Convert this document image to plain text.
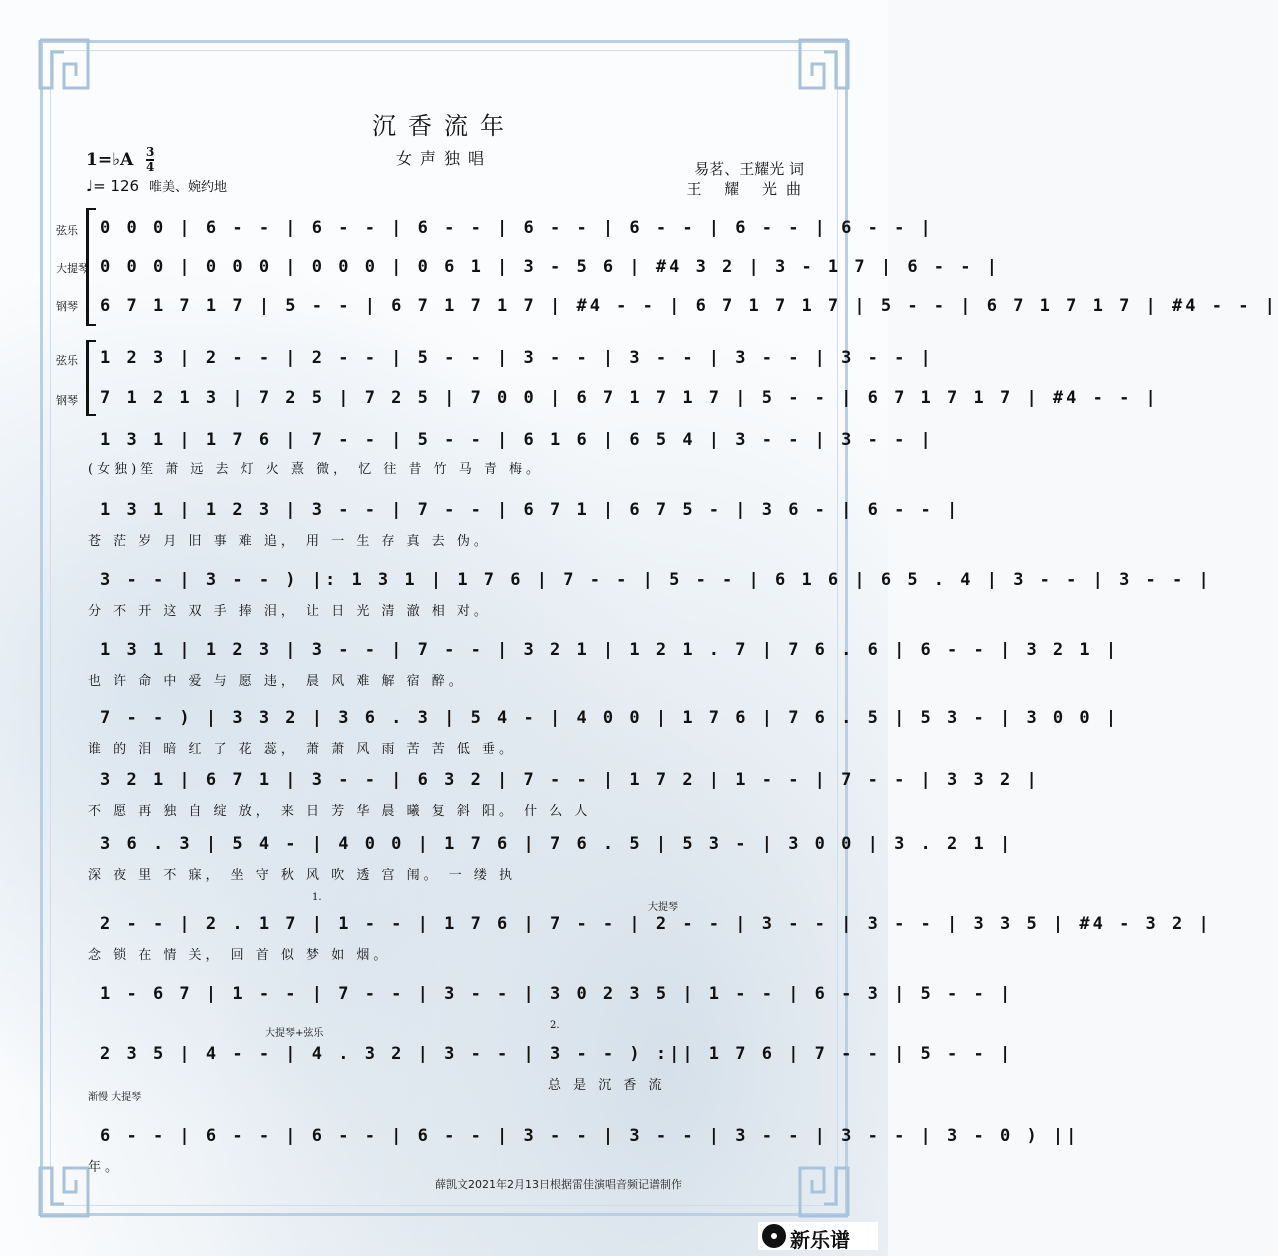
沉香流年
女声独唱
1=♭A 3
4
♩= 126 唯美、婉约地
易茗、王耀光 词
王 耀 光曲
弦乐
大提琴
钢琴
0 0 0 | 6 - - | 6 - - | 6 - - | 6 - - | 6 - - | 6 - - | 6 - - |
0 0 0 | 0 0 0 | 0 0 0 | 0 6 1 | 3 - 5 6 | #4 3 2 | 3 - 1 7 | 6 - - |
6 7 1 7 1 7 | 5 - - | 6 7 1 7 1 7 | #4 - - | 6 7 1 7 1 7 | 5 - - | 6 7 1 7 1 7 | #4 - - |
弦乐
钢琴
1 2 3 | 2 - - | 2 - - | 5 - - | 3 - - | 3 - - | 3 - - | 3 - - |
7 1 2 1 3 | 7 2 5 | 7 2 5 | 7 0 0 | 6 7 1 7 1 7 | 5 - - | 6 7 1 7 1 7 | #4 - - |
1 3 1 | 1 7 6 | 7 - - | 5 - - | 6 1 6 | 6 5 4 | 3 - - | 3 - - |
(女独)笙 萧 远 去 灯 火 熹 微， 忆 往 昔 竹 马 青 梅。
1 3 1 | 1 2 3 | 3 - - | 7 - - | 6 7 1 | 6 7 5 - | 3 6 - | 6 - - |
苍 茫 岁 月 旧 事 难 追， 用 一 生 存 真 去 伪。
3 - - | 3 - - ) |: 1 3 1 | 1 7 6 | 7 - - | 5 - - | 6 1 6 | 6 5 . 4 | 3 - - | 3 - - |
分 不 开 这 双 手 捧 泪， 让 日 光 清 澈 相 对。
1 3 1 | 1 2 3 | 3 - - | 7 - - | 3 2 1 | 1 2 1 . 7 | 7 6 . 6 | 6 - - | 3 2 1 |
也 许 命 中 爱 与 愿 违， 晨 风 难 解 宿 醉。
7 - - ) | 3 3 2 | 3 6 . 3 | 5 4 - | 4 0 0 | 1 7 6 | 7 6 . 5 | 5 3 - | 3 0 0 |
谁 的 泪 暗 红 了 花 蕊， 萧 萧 风 雨 苦 苦 低 垂。
3 2 1 | 6 7 1 | 3 - - | 6 3 2 | 7 - - | 1 7 2 | 1 - - | 7 - - | 3 3 2 |
不 愿 再 独 自 绽 放， 来 日 芳 华 晨 曦 复 斜 阳。 什 么 人
3 6 . 3 | 5 4 - | 4 0 0 | 1 7 6 | 7 6 . 5 | 5 3 - | 3 0 0 | 3 . 2 1 |
深 夜 里 不 寐， 坐 守 秋 风 吹 透 宫 闱。 一 缕 执
1.
大提琴
2 - - | 2 . 1 7 | 1 - - | 1 7 6 | 7 - - | 2 - - | 3 - - | 3 - - | 3 3 5 | #4 - 3 2 |
念 锁 在 情 关， 回 首 似 梦 如 烟。
1 - 6 7 | 1 - - | 7 - - | 3 - - | 3 0 2 3 5 | 1 - - | 6 - 3 | 5 - - |
大提琴+弦乐
2.
2 3 5 | 4 - - | 4 . 3 2 | 3 - - | 3 - - ) :|| 1 7 6 | 7 - - | 5 - - |
总 是 沉 香 流
渐慢 大提琴
6 - - | 6 - - | 6 - - | 6 - - | 3 - - | 3 - - | 3 - - | 3 - - | 3 - 0 ) ||
年。
薛凯文2021年2月13日根据雷佳演唱音频记谱制作
新乐谱
